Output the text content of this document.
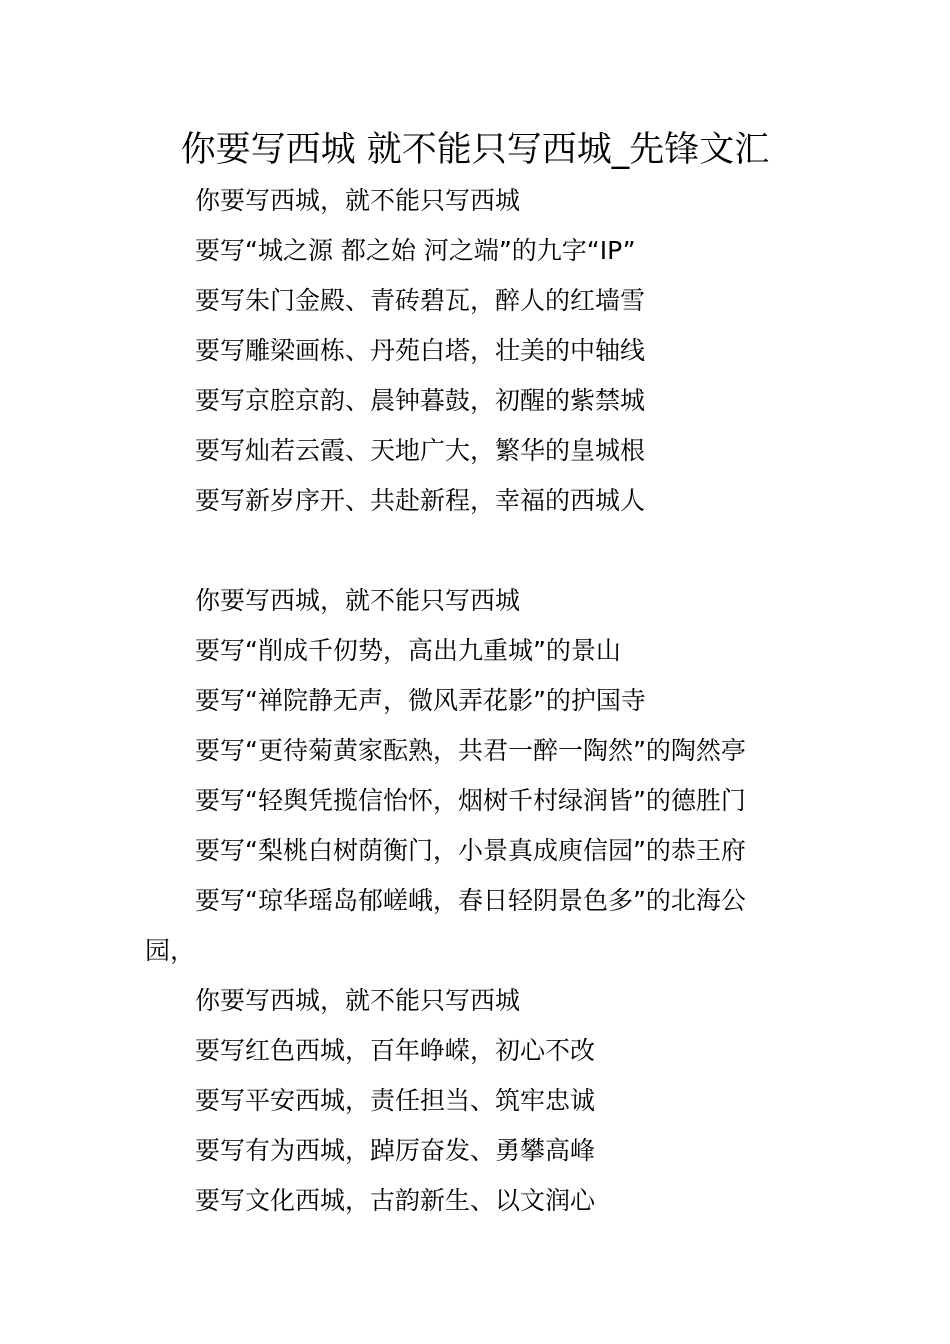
你要写西城 就不能只写西城_先锋文汇
你要写西城，就不能只写西城
要写“城之源 都之始 河之端”的九字“IP”
要写朱门金殿、青砖碧瓦，醉人的红墙雪
要写雕梁画栋、丹苑白塔，壮美的中轴线
要写京腔京韵、晨钟暮鼓，初醒的紫禁城
要写灿若云霞、天地广大，繁华的皇城根
要写新岁序开、共赴新程，幸福的西城人
你要写西城，就不能只写西城
要写“削成千仞势，高出九重城”的景山
要写“禅院静无声，微风弄花影”的护国寺
要写“更待菊黄家酝熟，共君一醉一陶然”的陶然亭
要写“轻舆凭揽信怡怀，烟树千村绿润皆”的德胜门
要写“梨桃白树荫衡门，小景真成庾信园”的恭王府
要写“琼华瑶岛郁嵯峨，春日轻阴景色多”的北海公
园，
你要写西城，就不能只写西城
要写红色西城，百年峥嵘，初心不改
要写平安西城，责任担当、筑牢忠诚
要写有为西城，踔厉奋发、勇攀高峰
要写文化西城，古韵新生、以文润心
